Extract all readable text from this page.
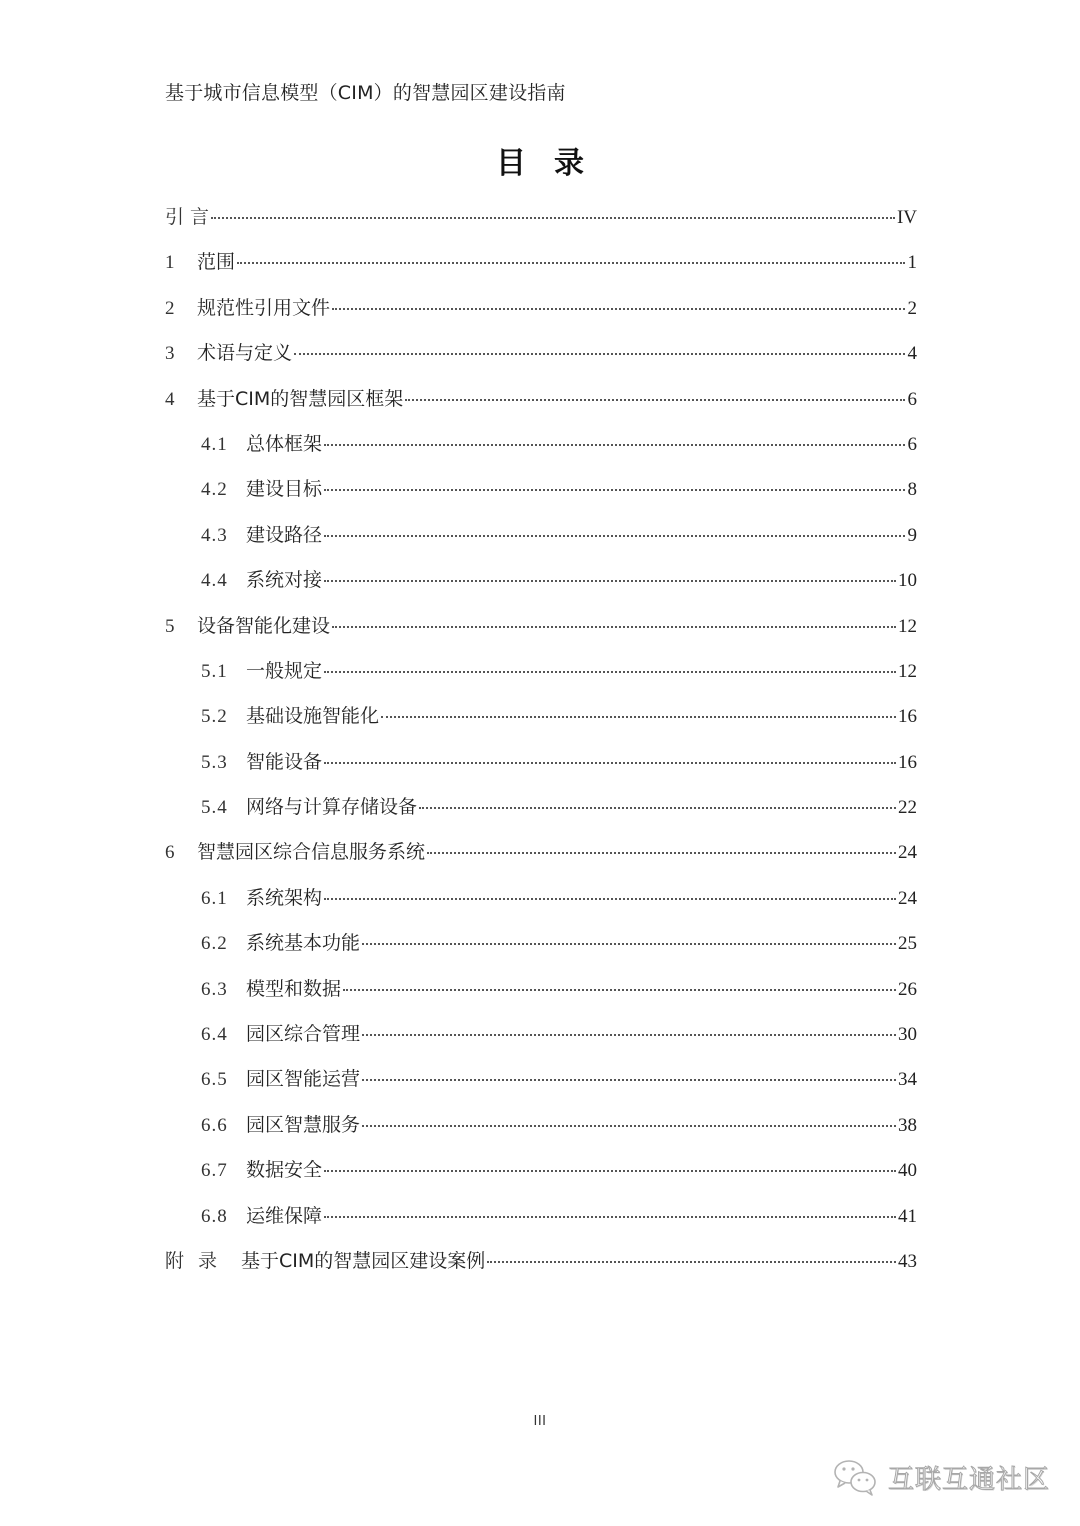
基于城市信息模型（CIM）的智慧园区建设指南
目 录
引 言	IV
1	范围	1
2	规范性引用文件	2
3	术语与定义	4
4	基于CIM的智慧园区框架	6
4.1 总体框架	6
4.2 建设目标	8
4.3 建设路径	9
4.4 系统对接	10
5	设备智能化建设	12
5.1 一般规定	12
5.2 基础设施智能化	16
5.3 智能设备	16
5.4 网络与计算存储设备	22
6	智慧园区综合信息服务系统	24
6.1 系统架构	24
6.2 系统基本功能	25
6.3 模型和数据	26
6.4 园区综合管理	30
6.5 园区智能运营	34
6.6 园区智慧服务	38
6.7 数据安全	40
6.8 运维保障	41
附 录	基于CIM的智慧园区建设案例	43
III
互联互通社区
